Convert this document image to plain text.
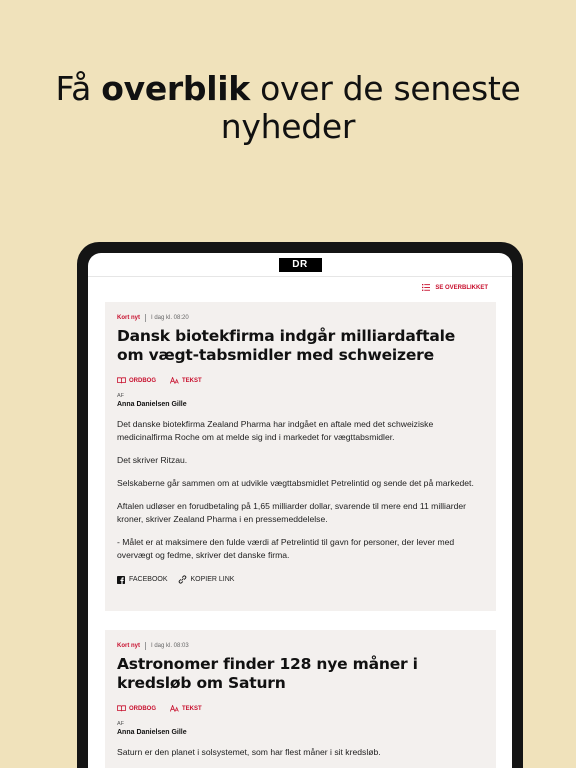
Få overblik over de seneste
nyheder
DR
SE OVERBLIKKET
Kort nyt I dag kl. 08:20
Dansk biotekfirma indgår milliardaftale om vægt-tabsmidler med schweizere
ORDBOG	TEKST
AF
Anna Danielsen Gille

Det danske biotekfirma Zealand Pharma har indgået en aftale med det schweiziske medicinalfirma Roche om at melde sig ind i markedet for vægttabsmidler.

Det skriver Ritzau.

Selskaberne går sammen om at udvikle vægttabsmidlet Petrelintid og sende det på markedet.

Aftalen udløser en forudbetaling på 1,65 milliarder dollar, svarende til mere end 11 milliarder kroner, skriver Zealand Pharma i en pressemeddelelse.

- Målet er at maksimere den fulde værdi af Petrelintid til gavn for personer, der lever med overvægt og fedme, skriver det danske firma.

FACEBOOK	KOPIER LINK
Kort nyt I dag kl. 08:03
Astronomer finder 128 nye måner i kredsløb om Saturn
ORDBOG	TEKST
AF
Anna Danielsen Gille

Saturn er den planet i solsystemet, som har flest måner i sit kredsløb.
